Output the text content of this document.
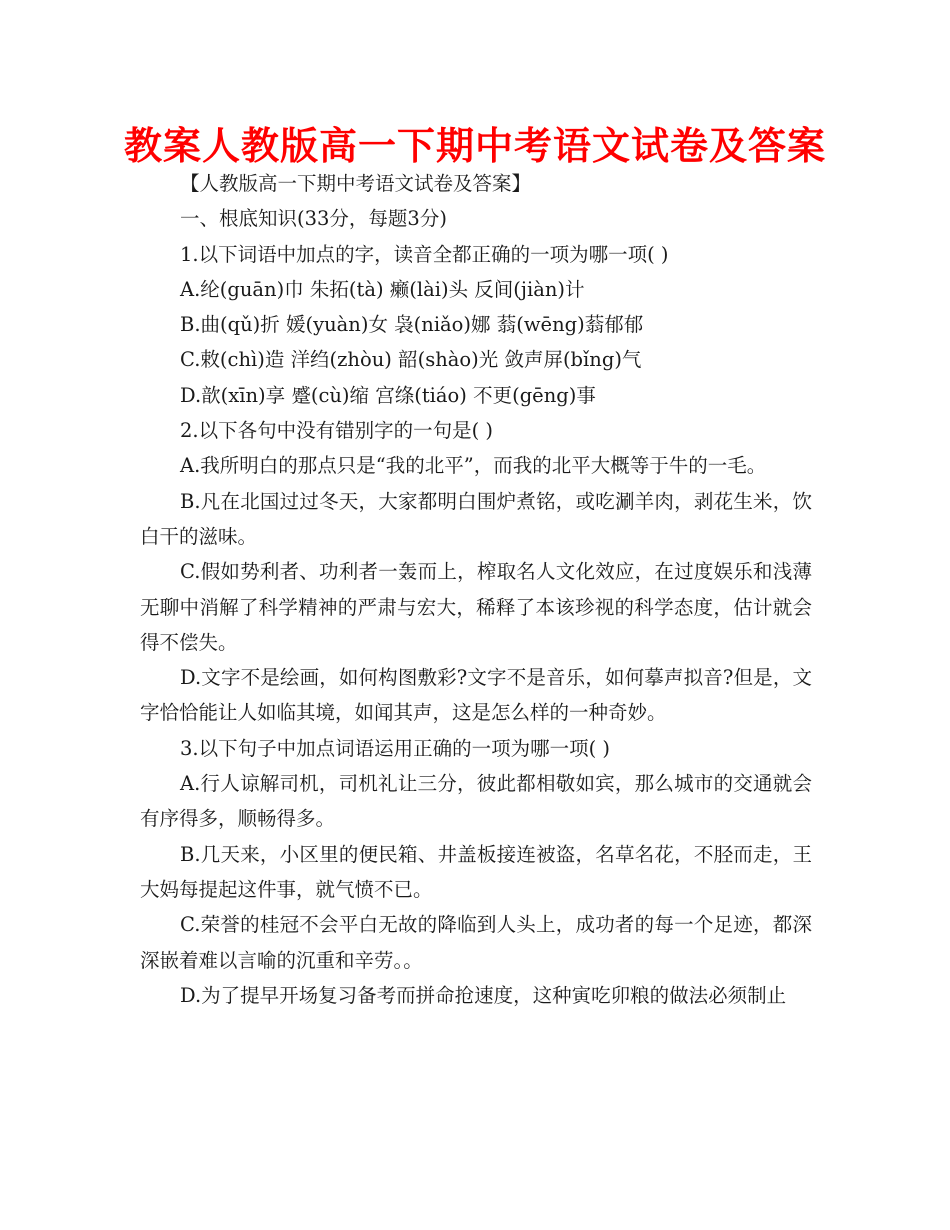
教案人教版高一下期中考语文试卷及答案
【人教版高一下期中考语文试卷及答案】
一、根底知识(33分，每题3分)
1.以下词语中加点的字，读音全都正确的一项为哪一项( )
A.纶(guān)巾 朱拓(tà) 癞(lài)头 反间(jiàn)计
B.曲(qǔ)折 媛(yuàn)女 袅(niǎo)娜 蓊(wēng)蓊郁郁
C.敕(chì)造 洋绉(zhòu) 韶(shào)光 敛声屏(bǐng)气
D.歆(xīn)享 蹙(cù)缩 宫绦(tiáo) 不更(gēng)事
2.以下各句中没有错别字的一句是( )
A.我所明白的那点只是“我的北平”，而我的北平大概等于牛的一毛。
B.凡在北国过过冬天，大家都明白围炉煮铭，或吃涮羊肉，剥花生米，饮白干的滋味。
C.假如势利者、功利者一轰而上，榨取名人文化效应，在过度娱乐和浅薄无聊中消解了科学精神的严肃与宏大，稀释了本该珍视的科学态度，估计就会得不偿失。
D.文字不是绘画，如何构图敷彩?文字不是音乐，如何摹声拟音?但是，文字恰恰能让人如临其境，如闻其声，这是怎么样的一种奇妙。
3.以下句子中加点词语运用正确的一项为哪一项( )
A.行人谅解司机，司机礼让三分，彼此都相敬如宾，那么城市的交通就会有序得多，顺畅得多。
B.几天来，小区里的便民箱、井盖板接连被盗，名草名花，不胫而走，王大妈每提起这件事，就气愤不已。
C.荣誉的桂冠不会平白无故的降临到人头上，成功者的每一个足迹，都深深嵌着难以言喻的沉重和辛劳。。
D.为了提早开场复习备考而拼命抢速度，这种寅吃卯粮的做法必须制止
